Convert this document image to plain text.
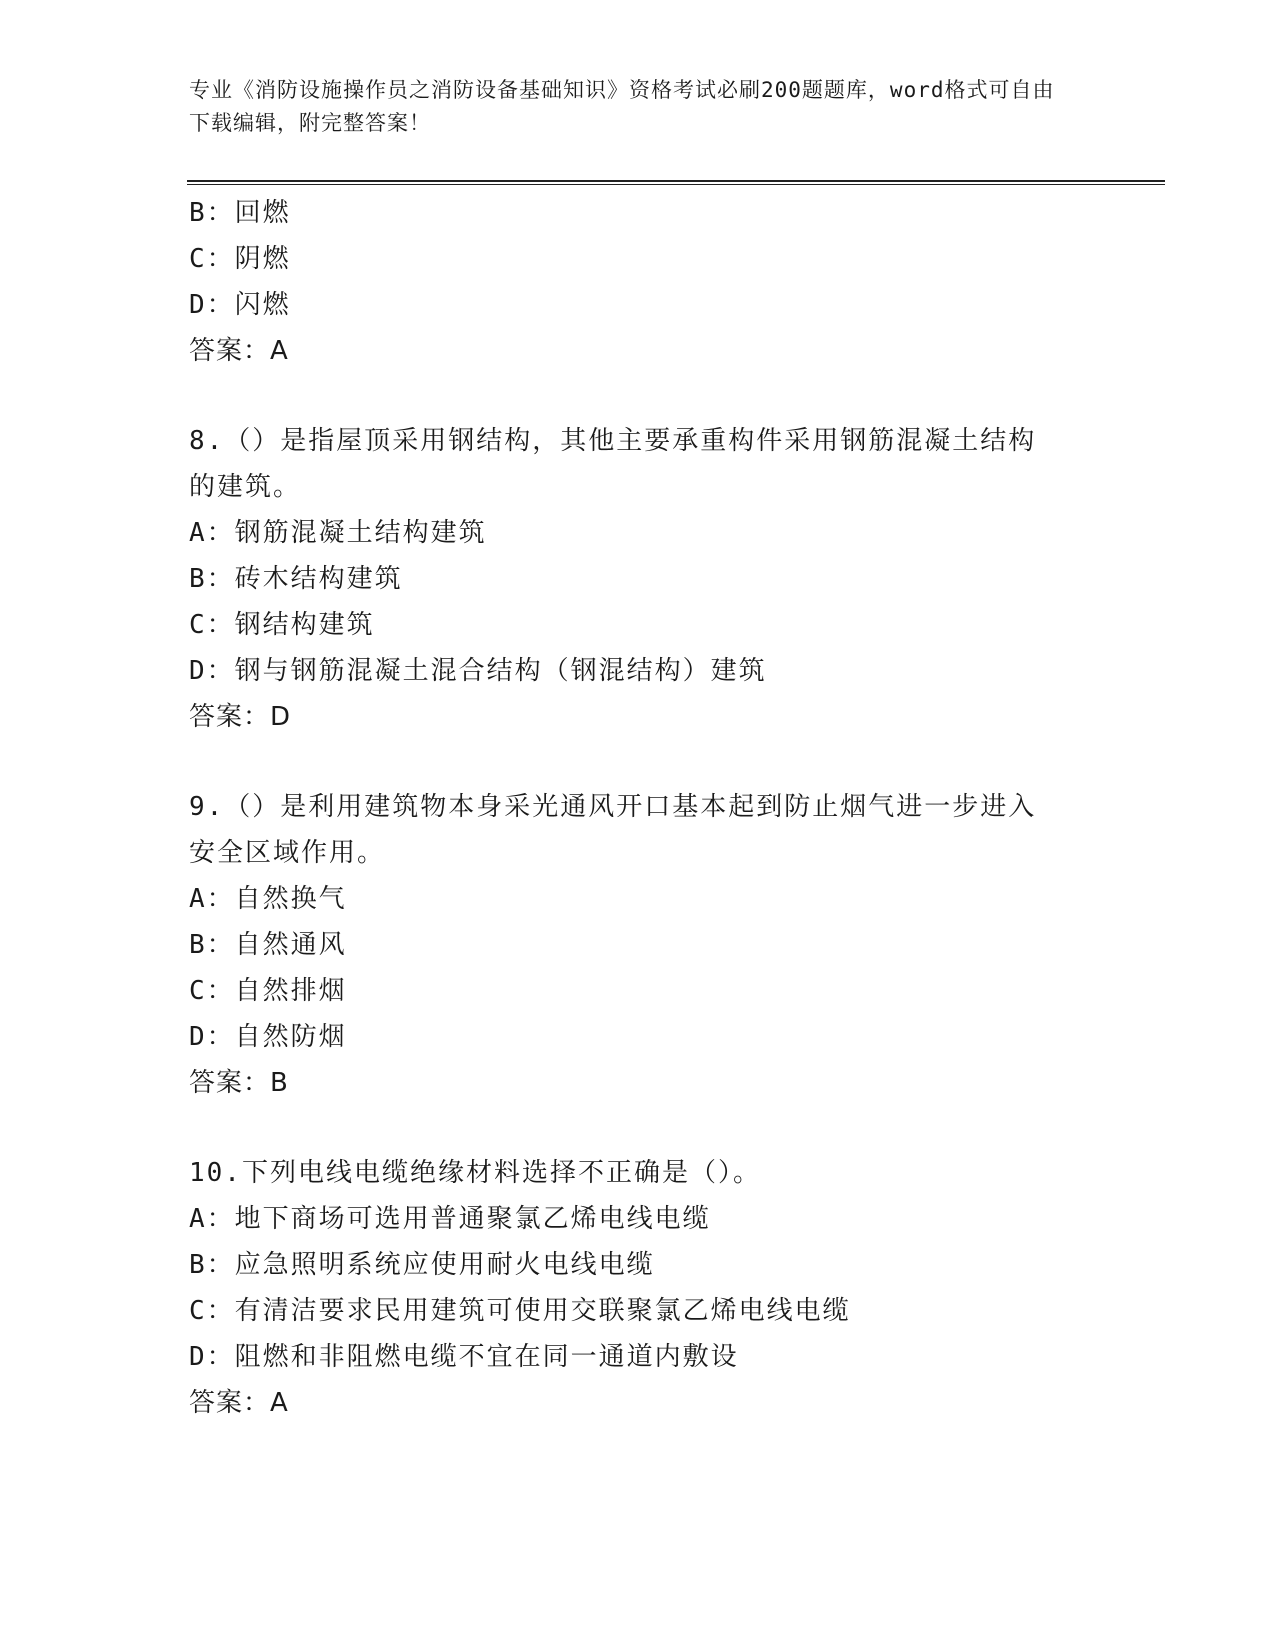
专业《消防设施操作员之消防设备基础知识》资格考试必刷200题题库，word格式可自由下载编辑，附完整答案！
B：回燃
C：阴燃
D：闪燃
答案：A
8.（）是指屋顶采用钢结构，其他主要承重构件采用钢筋混凝土结构
的建筑。
A：钢筋混凝土结构建筑
B：砖木结构建筑
C：钢结构建筑
D：钢与钢筋混凝土混合结构（钢混结构）建筑
答案：D
9.（）是利用建筑物本身采光通风开口基本起到防止烟气进一步进入
安全区域作用。
A：自然换气
B：自然通风
C：自然排烟
D：自然防烟
答案：B
10.下列电线电缆绝缘材料选择不正确是（）。
A：地下商场可选用普通聚氯乙烯电线电缆
B：应急照明系统应使用耐火电线电缆
C：有清洁要求民用建筑可使用交联聚氯乙烯电线电缆
D：阻燃和非阻燃电缆不宜在同一通道内敷设
答案：A
